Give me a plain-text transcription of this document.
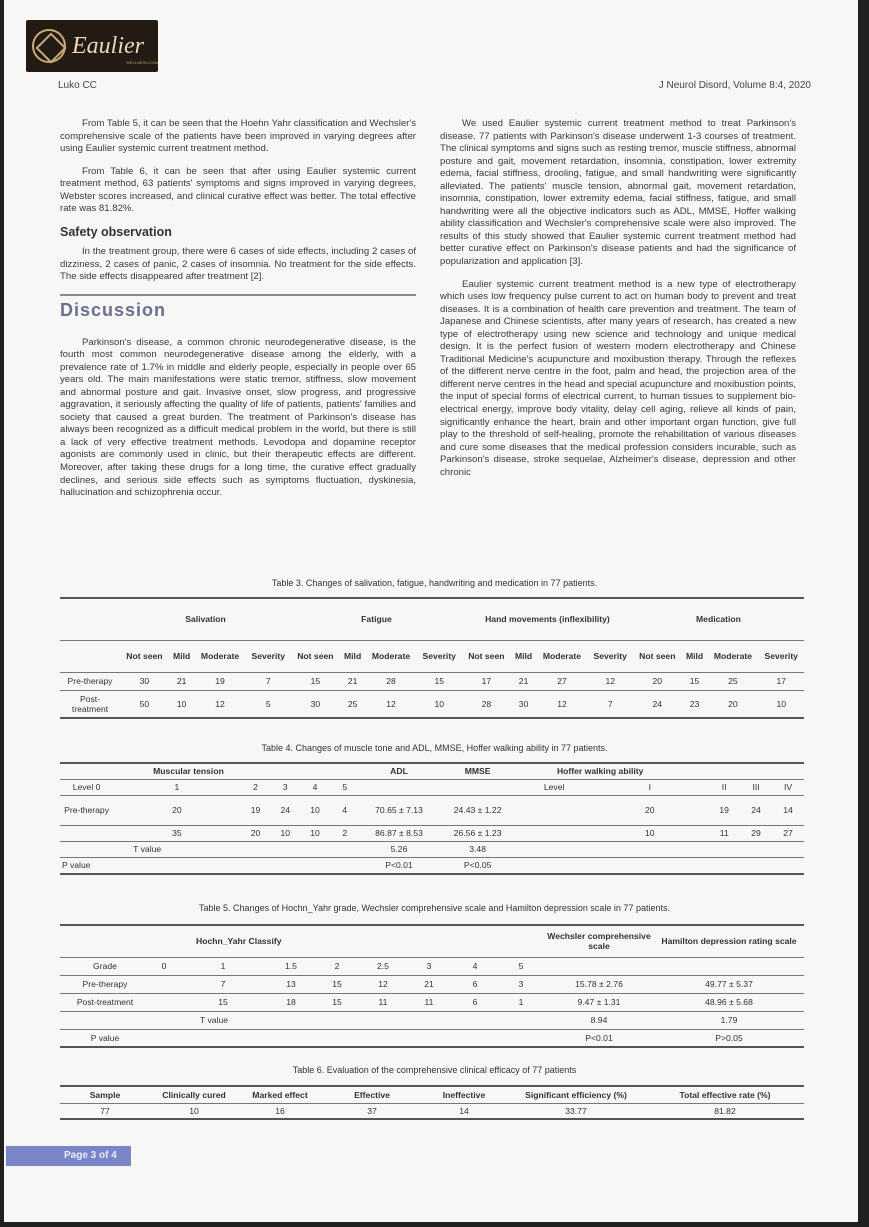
Eaulier
WELLNESS.COM
Luko CC	J Neurol Disord, Volume 8:4, 2020

From Table 5, it can be seen that the Hoehn Yahr classification and Wechsler's comprehensive scale of the patients have been improved in varying degrees after using Eaulier systemic current treatment method.

From Table 6, it can be seen that after using Eaulier systemic current treatment method, 63 patients' symptoms and signs improved in varying degrees, Webster scores increased, and clinical curative effect was better. The total effective rate was 81.82%.

Safety observation

In the treatment group, there were 6 cases of side effects, including 2 cases of dizziness, 2 cases of panic, 2 cases of insomnia. No treatment for the side effects. The side effects disappeared after treatment [2].

Discussion

Parkinson's disease, a common chronic neurodegenerative disease, is the fourth most common neurodegenerative disease among the elderly, with a prevalence rate of 1.7% in middle and elderly people, especially in people over 65 years old. The main manifestations were static tremor, stiffness, slow movement and abnormal posture and gait. Invasive onset, slow progress, and progressive aggravation, it seriously affecting the quality of life of patients, patients' families and society that caused a great burden. The treatment of Parkinson's disease has always been recognized as a difficult medical problem in the world, but there is still a lack of very effective treatment methods. Levodopa and dopamine receptor agonists are commonly used in clinic, but their therapeutic effects are different. Moreover, after taking these drugs for a long time, the curative effect gradually declines, and serious side effects such as symptoms fluctuation, dyskinesia, hallucination and schizophrenia occur.

We used Eaulier systemic current treatment method to treat Parkinson's disease. 77 patients with Parkinson's disease underwent 1-3 courses of treatment. The clinical symptoms and signs such as resting tremor, muscle stiffness, abnormal posture and gait, movement retardation, insomnia, constipation, lower extremity edema, facial stiffness, drooling, fatigue, and small handwriting were significantly alleviated. The patients' muscle tension, abnormal gait, movement retardation, insomnia, constipation, lower extremity edema, facial stiffness, fatigue, and small handwriting were all the objective indicators such as ADL, MMSE, Hoffer walking ability classification and Wechsler's comprehensive scale were also improved. The results of this study showed that Eaulier systemic current treatment method had better curative effect on Parkinson's disease patients and had the significance of popularization and application [3].

Eaulier systemic current treatment method is a new type of electrotherapy which uses low frequency pulse current to act on human body to prevent and treat diseases. It is a combination of health care prevention and treatment. The team of Japanese and Chinese scientists, after many years of research, has created a new type of electrotherapy using new science and technology and unique medical design. It is the perfect fusion of western modern electrotherapy and Chinese Traditional Medicine's acupuncture and moxibustion therapy. Through the reflexes of the different nerve centre in the foot, palm and head, the projection area of the different nerve centres in the head and special acupuncture and moxibustion points, the input of special forms of electrical current, to human tissues to supplement bio-electrical energy, improve body vitality, delay cell aging, relieve all kinds of pain, significantly enhance the heart, brain and other important organ function, give full play to the threshold of self-healing, promote the rehabilitation of various diseases and cure some diseases that the medical profession considers incurable, such as Parkinson's disease, stroke sequelae, Alzheimer's disease, depression and other chronic

Table 3. Changes of salivation, fatigue, handwriting and medication in 77 patients.
	Salivation				Fatigue				Hand movements (inflexibility)				Medication			
	Not seen	Mild	Moderate	Severity	Not seen	Mild	Moderate	Severity	Not seen	Mild	Moderate	Severity	Not seen	Mild	Moderate	Severity
Pre-therapy	30	21	19	7	15	21	28	15	17	21	27	12	20	15	25	17
Post-treatment	50	10	12	5	30	25	12	10	28	30	12	7	24	23	20	10
Table 4. Changes of muscle tone and ADL, MMSE, Hoffer walking ability in 77 patients.
	Muscular tension					ADL	MMSE	Hoffer walking ability				
Level 0	1	2	3	4	5			Level	I	II	III	IV
Pre-therapy	20	19	24	10	4	70.65 ± 7.13	24.43 ± 1.22		20	19	24	14
	35	20	10	10	2	86.87 ± 8.53	26.56 ± 1.23		10	11	29	27
	T value					5.26	3.48					
P value						P<0.01	P<0.05					
Table 5. Changes of Hochn_Yahr grade, Wechsler comprehensive scale and Hamilton depression scale in 77 patients.
		Hochn_Yahr Classify							Wechsler comprehensive scale	Hamilton depression rating scale
Grade	0	1	1.5	2	2.5	3	4	5		
Pre-therapy		7	13	15	12	21	6	3	15.78 ± 2.76	49.77 ± 5.37
Post-treatment		15	18	15	11	11	6	1	9.47 ± 1.31	48.96 ± 5.68
	T value								8.94	1.79
P value									P<0.01	P>0.05
Table 6. Evaluation of the comprehensive clinical efficacy of 77 patients
Sample	Clinically cured	Marked effect	Effective	Ineffective	Significant efficiency (%)	Total effective rate (%)
77	10	16	37	14	33.77	81.82
Page 3 of 4
